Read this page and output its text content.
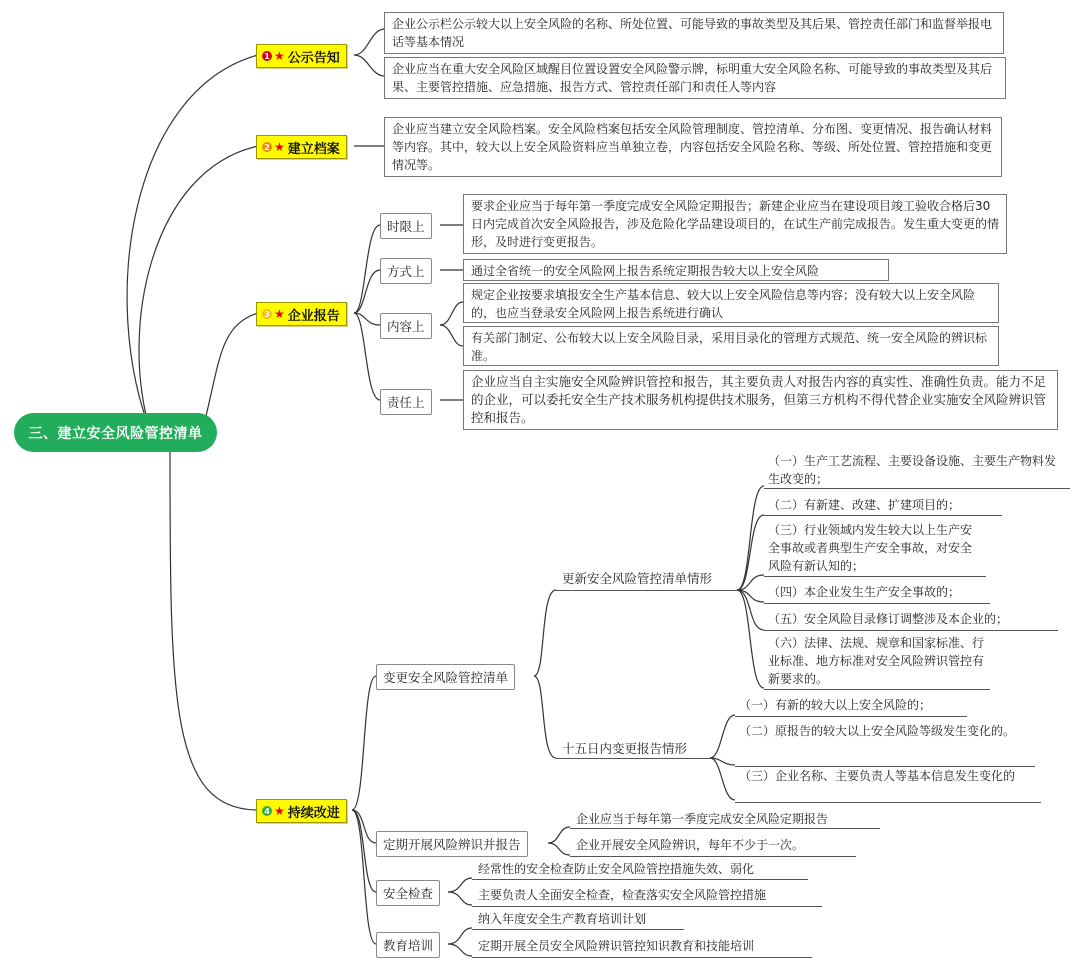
三、建立安全风险管控清单
1 ★ 公示告知
企业公示栏公示较大以上安全风险的名称、所处位置、可能导致的事故类型及其后果、管控责任部门和监督举报电话等基本情况
企业应当在重大安全风险区域醒目位置设置安全风险警示牌，标明重大安全风险名称、可能导致的事故类型及其后果、主要管控措施、应急措施、报告方式、管控责任部门和责任人等内容
2 ★ 建立档案
企业应当建立安全风险档案。安全风险档案包括安全风险管理制度、管控清单、分布图、变更情况、报告确认材料等内容。其中，较大以上安全风险资料应当单独立卷，内容包括安全风险名称、等级、所处位置、管控措施和变更情况等。
3 ★ 企业报告
时限上
方式上
内容上
责任上
要求企业应当于每年第一季度完成安全风险定期报告；新建企业应当在建设项目竣工验收合格后30日内完成首次安全风险报告，涉及危险化学品建设项目的，在试生产前完成报告。发生重大变更的情形，及时进行变更报告。
通过全省统一的安全风险网上报告系统定期报告较大以上安全风险
规定企业按要求填报安全生产基本信息、较大以上安全风险信息等内容；没有较大以上安全风险的，也应当登录安全风险网上报告系统进行确认
有关部门制定、公布较大以上安全风险目录，采用目录化的管理方式规范、统一安全风险的辨识标准。
企业应当自主实施安全风险辨识管控和报告，其主要负责人对报告内容的真实性、准确性负责。能力不足的企业，可以委托安全生产技术服务机构提供技术服务，但第三方机构不得代替企业实施安全风险辨识管控和报告。
4 ★ 持续改进
变更安全风险管控清单
定期开展风险辨识并报告
安全检查
教育培训
更新安全风险管控清单情形
（一）生产工艺流程、主要设备设施、主要生产物料发生改变的；
（二）有新建、改建、扩建项目的；
（三）行业领域内发生较大以上生产安全事故或者典型生产安全事故，对安全风险有新认知的；
（四）本企业发生生产安全事故的；
（五）安全风险目录修订调整涉及本企业的；
（六）法律、法规、规章和国家标准、行业标准、地方标准对安全风险辨识管控有新要求的。
十五日内变更报告情形
（一）有新的较大以上安全风险的；
（二）原报告的较大以上安全风险等级发生变化的。
（三）企业名称、主要负责人等基本信息发生变化的
企业应当于每年第一季度完成安全风险定期报告
企业开展安全风险辨识，每年不少于一次。
经常性的安全检查防止安全风险管控措施失效、弱化
主要负责人全面安全检查，检查落实安全风险管控措施
纳入年度安全生产教育培训计划
定期开展全员安全风险辨识管控知识教育和技能培训
